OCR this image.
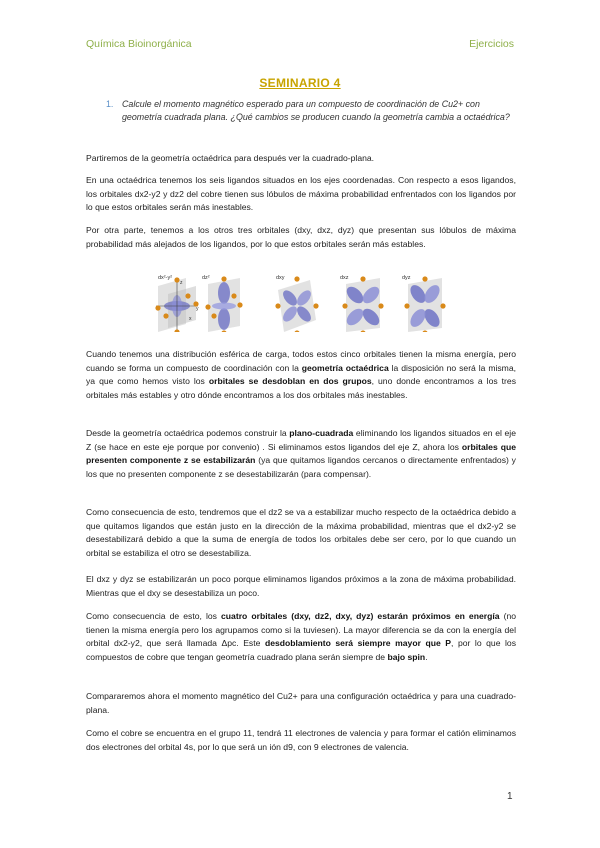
Química Bioinorgánica	Ejercicios
SEMINARIO 4
1. Calcule el momento magnético esperado para un compuesto de coordinación de Cu2+ con geometría cuadrada plana. ¿Qué cambios se producen cuando la geometría cambia a octaédrica?
Partiremos de la geometría octaédrica para después ver la cuadrado-plana.
En una octaédrica tenemos los seis ligandos situados en los ejes coordenadas. Con respecto a esos ligandos, los orbitales dx2-y2 y dz2 del cobre tienen sus lóbulos de máxima probabilidad enfrentados con los ligandos por lo que estos orbitales serán más inestables.
Por otra parte, tenemos a los otros tres orbitales (dxy, dxz, dyz) que presentan sus lóbulos de máxima probabilidad más alejados de los ligandos, por lo que estos orbitales serán más estables.
z
y
x
dx²-y²	dz²	dxy	dxz	dyz
Cuando tenemos una distribución esférica de carga, todos estos cinco orbitales tienen la misma energía, pero cuando se forma un compuesto de coordinación con la geometría octaédrica la disposición no será la misma, ya que como hemos visto los orbitales se desdoblan en dos grupos, uno donde encontramos a los tres orbitales más estables y otro dónde encontramos a los dos orbitales más inestables.
Desde la geometría octaédrica podemos construir la plano-cuadrada eliminando los ligandos situados en el eje Z (se hace en este eje porque por convenio) . Si eliminamos estos ligandos del eje Z, ahora los orbitales que presenten componente z se estabilizarán (ya que quitamos ligandos cercanos o directamente enfrentados) y los que no presenten componente z se desestabilizarán (para compensar).
Como consecuencia de esto, tendremos que el dz2 se va a estabilizar mucho respecto de la octaédrica debido a que quitamos ligandos que están justo en la dirección de la máxima probabilidad, mientras que el dx2-y2 se desestabilizará debido a que la suma de energía de todos los orbitales debe ser cero, por lo que cuando un orbital se estabiliza el otro se desestabiliza.
El dxz y dyz se estabilizarán un poco porque eliminamos ligandos próximos a la zona de máxima probabilidad. Mientras que el dxy se desestabiliza un poco.
Como consecuencia de esto, los cuatro orbitales (dxy, dz2, dxy, dyz) estarán próximos en energía (no tienen la misma energía pero los agrupamos como si la tuviesen). La mayor diferencia se da con la energía del orbital dx2-y2, que será llamada Δpc. Este desdoblamiento será siempre mayor que P, por lo que los compuestos de cobre que tengan geometría cuadrado plana serán siempre de bajo spin.
Compararemos ahora el momento magnético del Cu2+ para una configuración octaédrica y para una cuadrado-plana.
Como el cobre se encuentra en el grupo 11, tendrá 11 electrones de valencia y para formar el catión eliminamos dos electrones del orbital 4s, por lo que será un ión d9, con 9 electrones de valencia.
1
